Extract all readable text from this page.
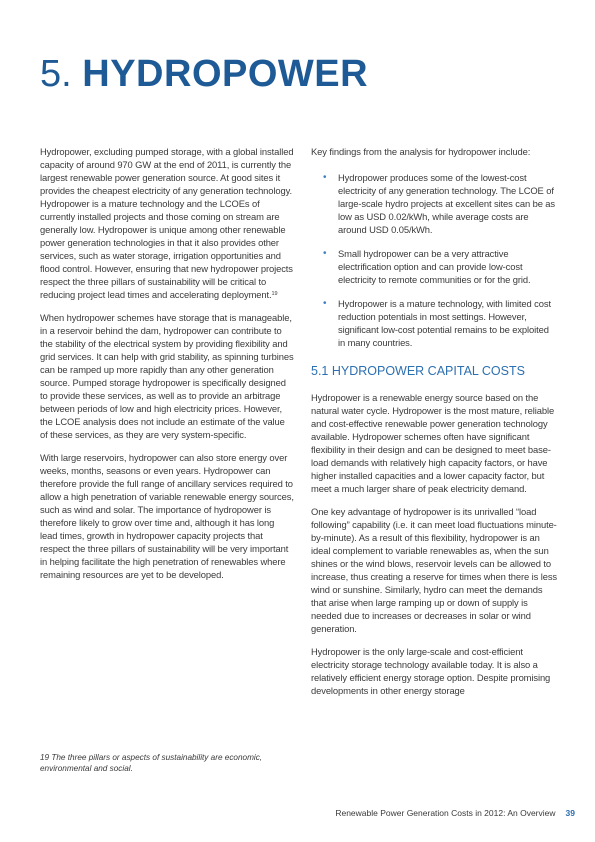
5. HYDROPOWER

Hydropower, excluding pumped storage, with a global installed capacity of around 970 GW at the end of 2011, is currently the largest renewable power generation source. At good sites it provides the cheapest electricity of any generation technology. Hydropower is a mature technology and the LCOEs of currently installed projects and those coming on stream are generally low. Hydropower is unique among other renewable power generation technologies in that it also provides other services, such as water storage, irrigation opportunities and flood control. However, ensuring that new hydropower projects respect the three pillars of sustainability will be critical to reducing project lead times and accelerating deployment.$^{19}$

When hydropower schemes have storage that is manageable, in a reservoir behind the dam, hydropower can contribute to the stability of the electrical system by providing flexibility and grid services. It can help with grid stability, as spinning turbines can be ramped up more rapidly than any other generation source. Pumped storage hydropower is specifically designed to provide these services, as well as to provide an arbitrage between periods of low and high electricity prices. However, the LCOE analysis does not include an estimate of the value of these services, as they are very system-specific.

With large reservoirs, hydropower can also store energy over weeks, months, seasons or even years. Hydropower can therefore provide the full range of ancillary services required to allow a high penetration of variable renewable energy sources, such as wind and solar. The importance of hydropower is therefore likely to grow over time and, although it has long lead times, growth in hydropower capacity projects that respect the three pillars of sustainability will be very important in helping facilitate the high penetration of renewables where remaining resources are yet to be developed.

Key findings from the analysis for hydropower include:

• Hydropower produces some of the lowest-cost electricity of any generation technology. The LCOE of large-scale hydro projects at excellent sites can be as low as USD 0.02/kWh, while average costs are around USD 0.05/kWh.
• Small hydropower can be a very attractive electrification option and can provide low-cost electricity to remote communities or for the grid.
• Hydropower is a mature technology, with limited cost reduction potentials in most settings. However, significant low-cost potential remains to be exploited in many countries.
5.1 HYDROPOWER CAPITAL COSTS

Hydropower is a renewable energy source based on the natural water cycle. Hydropower is the most mature, reliable and cost-effective renewable power generation technology available. Hydropower schemes often have significant flexibility in their design and can be designed to meet base-load demands with relatively high capacity factors, or have higher installed capacities and a lower capacity factor, but meet a much larger share of peak electricity demand.

One key advantage of hydropower is its unrivalled “load following” capability (i.e. it can meet load fluctuations minute-by-minute). As a result of this flexibility, hydropower is an ideal complement to variable renewables as, when the sun shines or the wind blows, reservoir levels can be allowed to increase, thus creating a reserve for times when there is less wind or sunshine. Similarly, hydro can meet the demands that arise when large ramping up or down of supply is needed due to increases or decreases in solar or wind generation.

Hydropower is the only large-scale and cost-efficient electricity storage technology available today. It is also a relatively efficient energy storage option. Despite promising developments in other energy storage

19 The three pillars or aspects of sustainability are economic, environmental and social.
Renewable Power Generation Costs in 2012: An Overview 39
